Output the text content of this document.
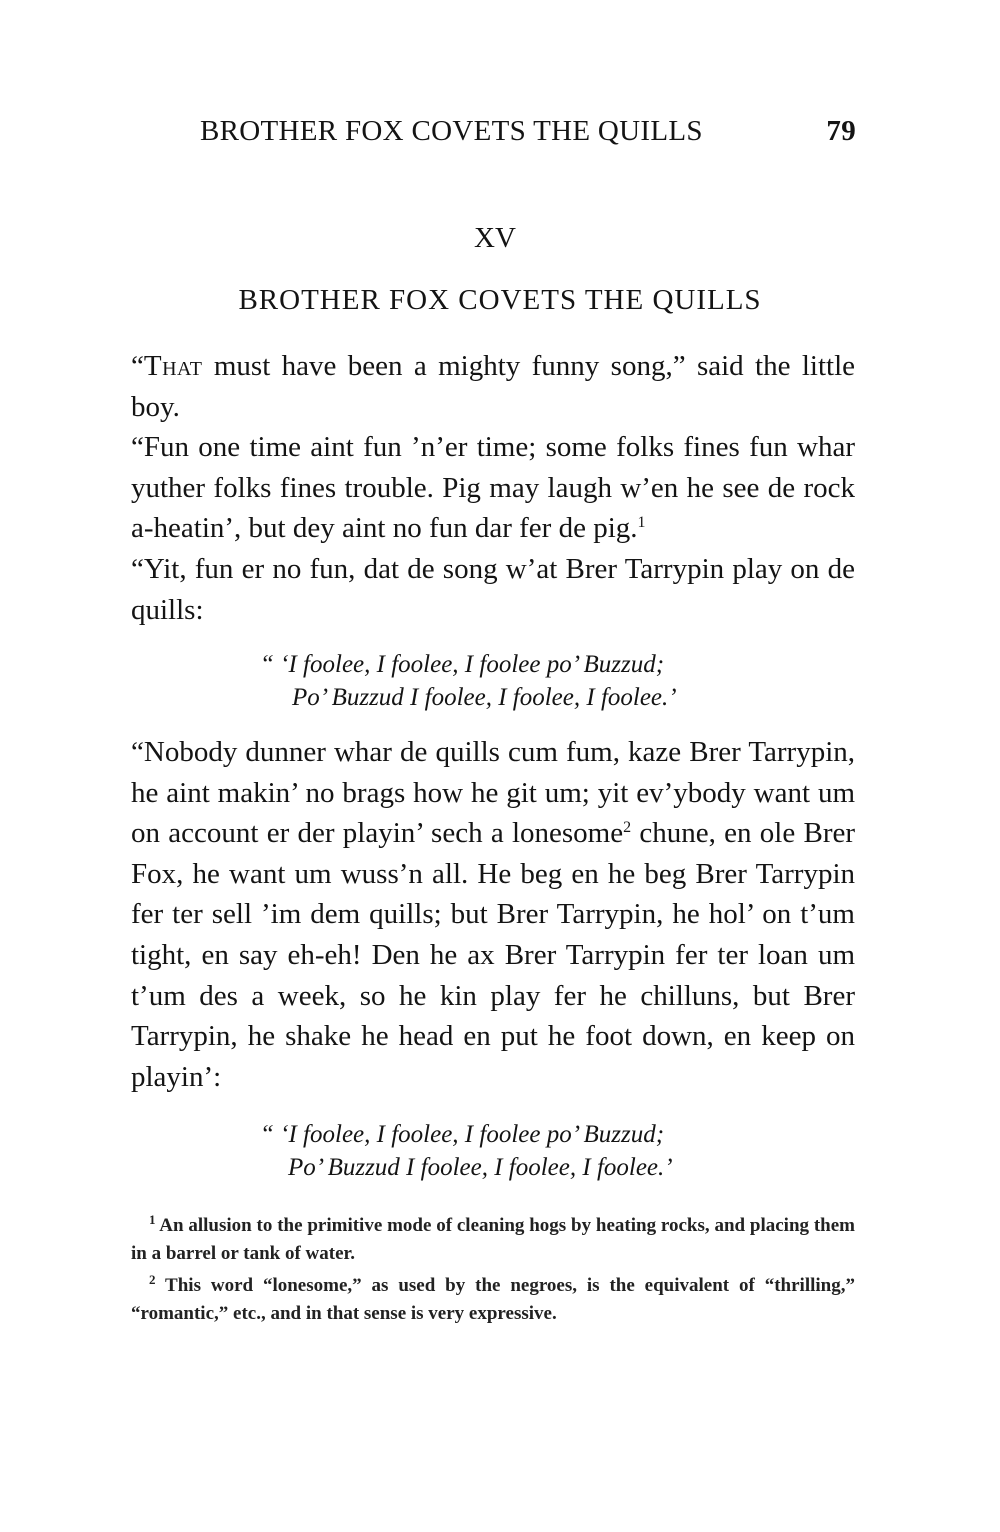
BROTHER FOX COVETS THE QUILLS	79
XV
BROTHER FOX COVETS THE QUILLS

“That must have been a mighty funny song,” said the little boy.

“Fun one time aint fun ’n’er time; some folks fines fun whar yuther folks fines trouble. Pig may laugh w’en he see de rock a-heatin’, but dey aint no fun dar fer de pig.$^1$

“Yit, fun er no fun, dat de song w’at Brer Tarrypin play on de quills:

“ ‘I foolee, I foolee, I foolee po’ Buzzud;
Po’ Buzzud I foolee, I foolee, I foolee.’

“Nobody dunner whar de quills cum fum, kaze Brer Tarrypin, he aint makin’ no brags how he git um; yit ev’ybody want um on account er der playin’ sech a lonesome$^2$ chune, en ole Brer Fox, he want um wuss’n all. He beg en he beg Brer Tarrypin fer ter sell ’im dem quills; but Brer Tarrypin, he hol’ on t’um tight, en say eh-eh! Den he ax Brer Tarrypin fer ter loan um t’um des a week, so he kin play fer he chilluns, but Brer Tarrypin, he shake he head en put he foot down, en keep on playin’:

“ ‘I foolee, I foolee, I foolee po’ Buzzud;
Po’ Buzzud I foolee, I foolee, I foolee.’

$^1$ An allusion to the primitive mode of cleaning hogs by heating rocks, and placing them in a barrel or tank of water.

$^2$ This word “lonesome,” as used by the negroes, is the equivalent of “thrilling,” “romantic,” etc., and in that sense is very expressive.
